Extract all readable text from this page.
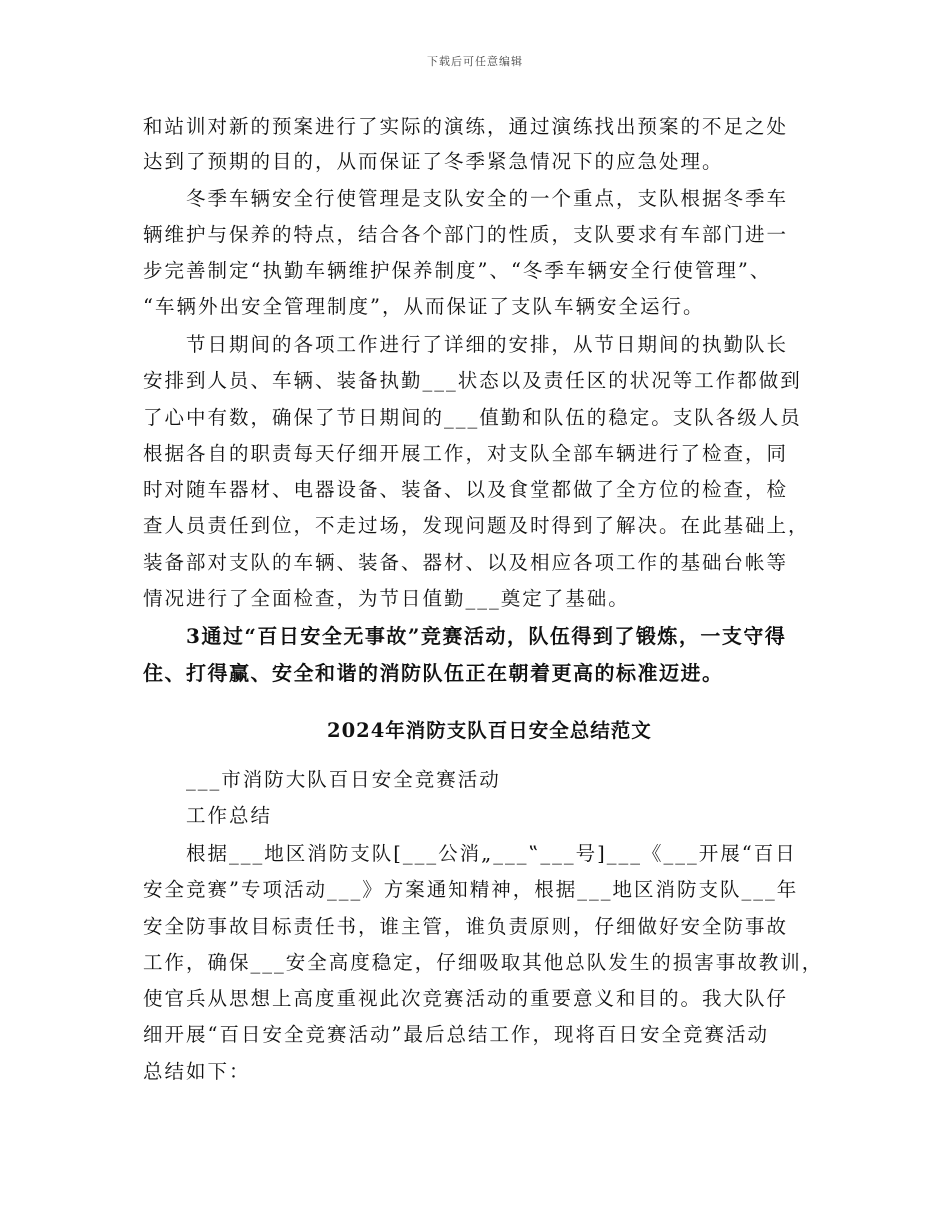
下载后可任意编辑
和站训对新的预案进行了实际的演练，通过演练找出预案的不足之处
达到了预期的目的，从而保证了冬季紧急情况下的应急处理。
冬季车辆安全行使管理是支队安全的一个重点，支队根据冬季车
辆维护与保养的特点，结合各个部门的性质，支队要求有车部门进一
步完善制定“执勤车辆维护保养制度”、“冬季车辆安全行使管理”、
“车辆外出安全管理制度”，从而保证了支队车辆安全运行。
节日期间的各项工作进行了详细的安排，从节日期间的执勤队长
安排到人员、车辆、装备执勤___状态以及责任区的状况等工作都做到
了心中有数，确保了节日期间的___值勤和队伍的稳定。支队各级人员
根据各自的职责每天仔细开展工作，对支队全部车辆进行了检查，同
时对随车器材、电器设备、装备、以及食堂都做了全方位的检查，检
查人员责任到位，不走过场，发现问题及时得到了解决。在此基础上，
装备部对支队的车辆、装备、器材、以及相应各项工作的基础台帐等
情况进行了全面检查，为节日值勤___奠定了基础。
3通过“百日安全无事故”竞赛活动，队伍得到了锻炼，一支守得
住、打得赢、安全和谐的消防队伍正在朝着更高的标准迈进。
2024年消防支队百日安全总结范文
___市消防大队百日安全竞赛活动
工作总结
根据___地区消防支队[___公消„___‟___号]___《___开展“百日
安全竞赛”专项活动___》方案通知精神，根据___地区消防支队___年
安全防事故目标责任书，谁主管，谁负责原则，仔细做好安全防事故
工作，确保___安全高度稳定，仔细吸取其他总队发生的损害事故教训，
使官兵从思想上高度重视此次竞赛活动的重要意义和目的。我大队仔
细开展“百日安全竞赛活动”最后总结工作，现将百日安全竞赛活动
总结如下：
